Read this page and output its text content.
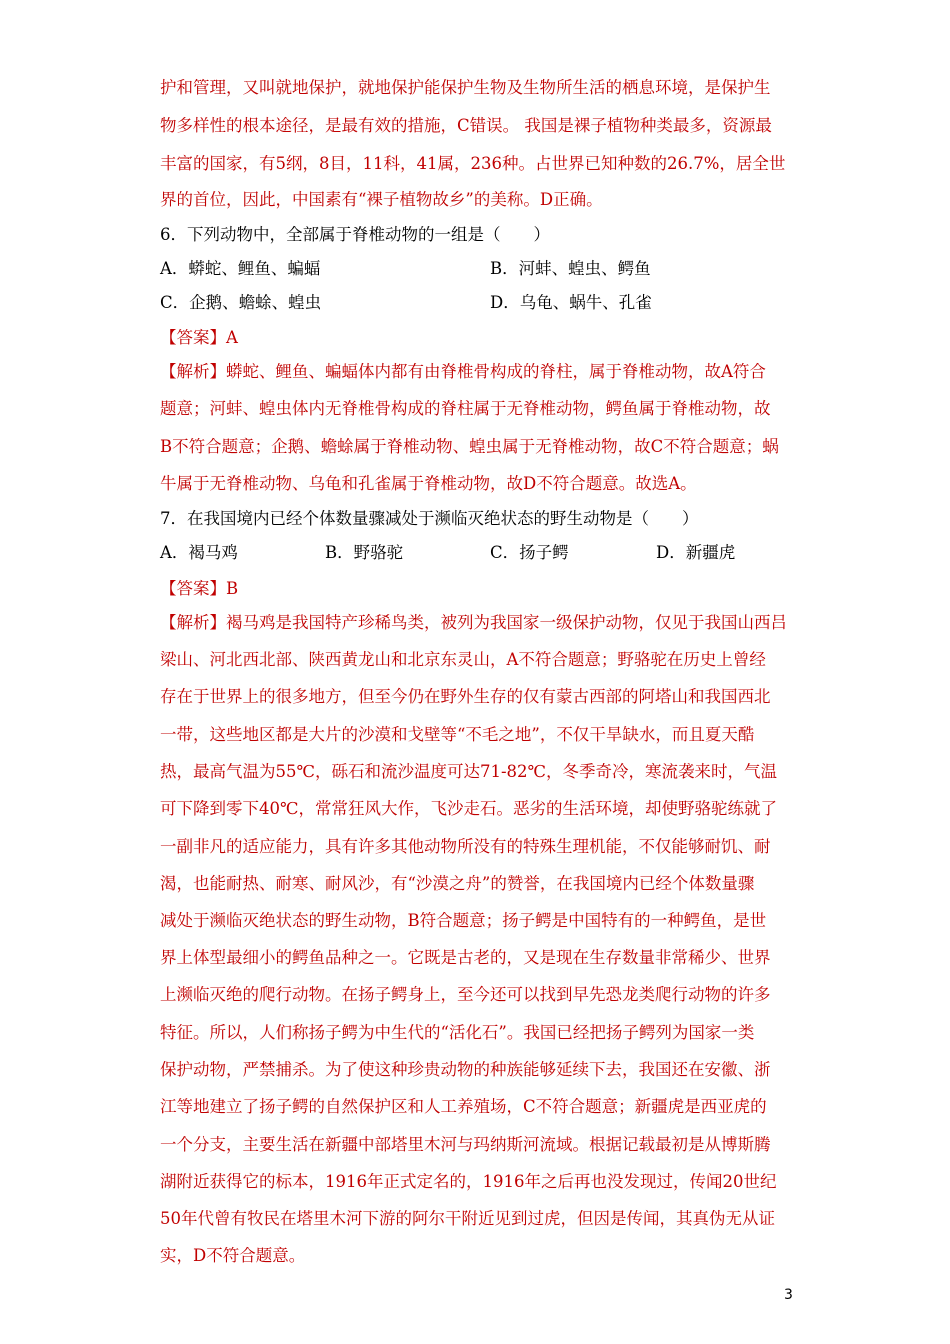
护和管理，又叫就地保护，就地保护能保护生物及生物所生活的栖息环境，是保护生
物多样性的根本途径，是最有效的措施，C错误。 我国是裸子植物种类最多，资源最
丰富的国家，有5纲，8目，11科，41属，236种。占世界已知种数的26.7%，居全世
界的首位，因此，中国素有“裸子植物故乡”的美称。D正确。
6．下列动物中，全部属于脊椎动物的一组是（　　）
A．蟒蛇、鲤鱼、蝙蝠	B．河蚌、蝗虫、鳄鱼
C．企鹅、蟾蜍、蝗虫	D．乌龟、蜗牛、孔雀
【答案】A
【解析】蟒蛇、鲤鱼、蝙蝠体内都有由脊椎骨构成的脊柱，属于脊椎动物，故A符合
题意；河蚌、蝗虫体内无脊椎骨构成的脊柱属于无脊椎动物，鳄鱼属于脊椎动物，故
B不符合题意；企鹅、蟾蜍属于脊椎动物、蝗虫属于无脊椎动物，故C不符合题意；蜗
牛属于无脊椎动物、乌龟和孔雀属于脊椎动物，故D不符合题意。故选A。
7．在我国境内已经个体数量骤减处于濒临灭绝状态的野生动物是（　　）
A．褐马鸡	B．野骆驼	C．扬子鳄	D．新疆虎
【答案】B
【解析】褐马鸡是我国特产珍稀鸟类，被列为我国家一级保护动物，仅见于我国山西吕
梁山、河北西北部、陕西黄龙山和北京东灵山，A不符合题意；野骆驼在历史上曾经
存在于世界上的很多地方，但至今仍在野外生存的仅有蒙古西部的阿塔山和我国西北
一带，这些地区都是大片的沙漠和戈壁等“不毛之地”，不仅干旱缺水，而且夏天酷
热，最高气温为55℃，砾石和流沙温度可达71-82℃，冬季奇冷，寒流袭来时，气温
可下降到零下40℃，常常狂风大作，飞沙走石。恶劣的生活环境，却使野骆驼练就了
一副非凡的适应能力，具有许多其他动物所没有的特殊生理机能，不仅能够耐饥、耐
渴，也能耐热、耐寒、耐风沙，有“沙漠之舟”的赞誉，在我国境内已经个体数量骤
减处于濒临灭绝状态的野生动物，B符合题意；扬子鳄是中国特有的一种鳄鱼，是世
界上体型最细小的鳄鱼品种之一。它既是古老的，又是现在生存数量非常稀少、世界
上濒临灭绝的爬行动物。在扬子鳄身上，至今还可以找到早先恐龙类爬行动物的许多
特征。所以，人们称扬子鳄为中生代的“活化石”。我国已经把扬子鳄列为国家一类
保护动物，严禁捕杀。为了使这种珍贵动物的种族能够延续下去，我国还在安徽、浙
江等地建立了扬子鳄的自然保护区和人工养殖场，C不符合题意；新疆虎是西亚虎的
一个分支，主要生活在新疆中部塔里木河与玛纳斯河流域。根据记载最初是从博斯腾
湖附近获得它的标本，1916年正式定名的，1916年之后再也没发现过，传闻20世纪
50年代曾有牧民在塔里木河下游的阿尔干附近见到过虎，但因是传闻，其真伪无从证
实，D不符合题意。
3
